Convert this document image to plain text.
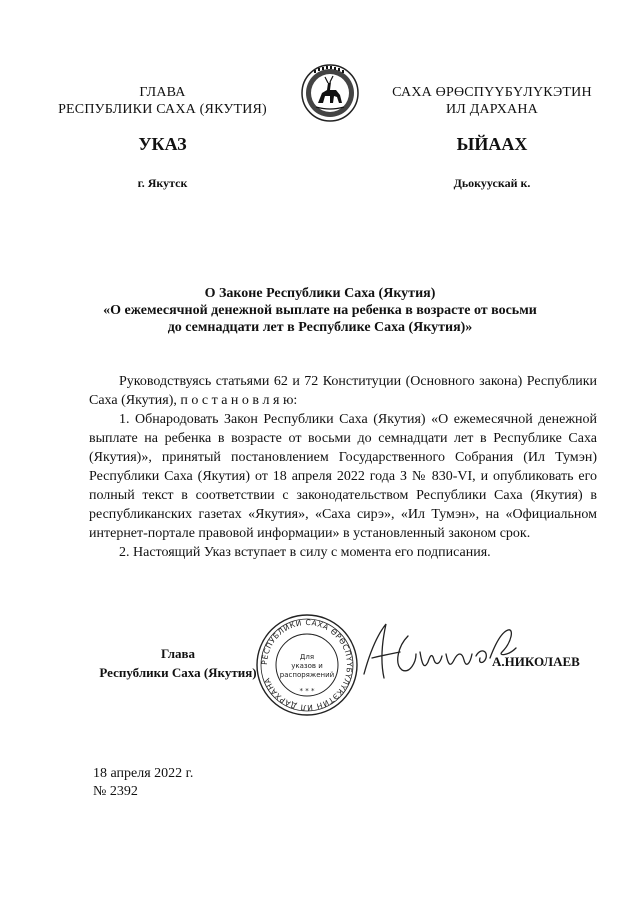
ГЛАВА
РЕСПУБЛИКИ САХА (ЯКУТИЯ)
САХА ӨРӨСПҮҮБҮЛҮКЭТИН
ИЛ ДАРХАНА
УКАЗ	ЫЙААХ
г. Якутск	Дьокуускай к.
О Законе Республики Саха (Якутия)
«О ежемесячной денежной выплате на ребенка в возрасте от восьми
до семнадцати лет в Республике Саха (Якутия)»

Руководствуясь статьями 62 и 72 Конституции (Основного закона) Республики Саха (Якутия), п о с т а н о в л я ю:

1. Обнародовать Закон Республики Саха (Якутия) «О ежемесячной денежной выплате на ребенка в возрасте от восьми до семнадцати лет в Республике Саха (Якутия)», принятый постановлением Государственного Собрания (Ил Тумэн) Республики Саха (Якутия) от 18 апреля 2022 года З № 830-VI, и опубликовать его полный текст в соответствии с законодательством Республики Саха (Якутия) в республиканских газетах «Якутия», «Саха сирэ», «Ил Тумэн», на «Официальном интернет-портале правовой информации» в установленный законом срок.

2. Настоящий Указ вступает в силу с момента его подписания.

Глава
Республики Саха (Якутия)
РЕСПУБЛИКИ САХА ӨРӨСПҮҮБҮЛҮКЭТИН ИЛ ДАРХАНА
Для
указов и
распоряжений
* * *
А.НИКОЛАЕВ
18 апреля 2022 г.
№ 2392
